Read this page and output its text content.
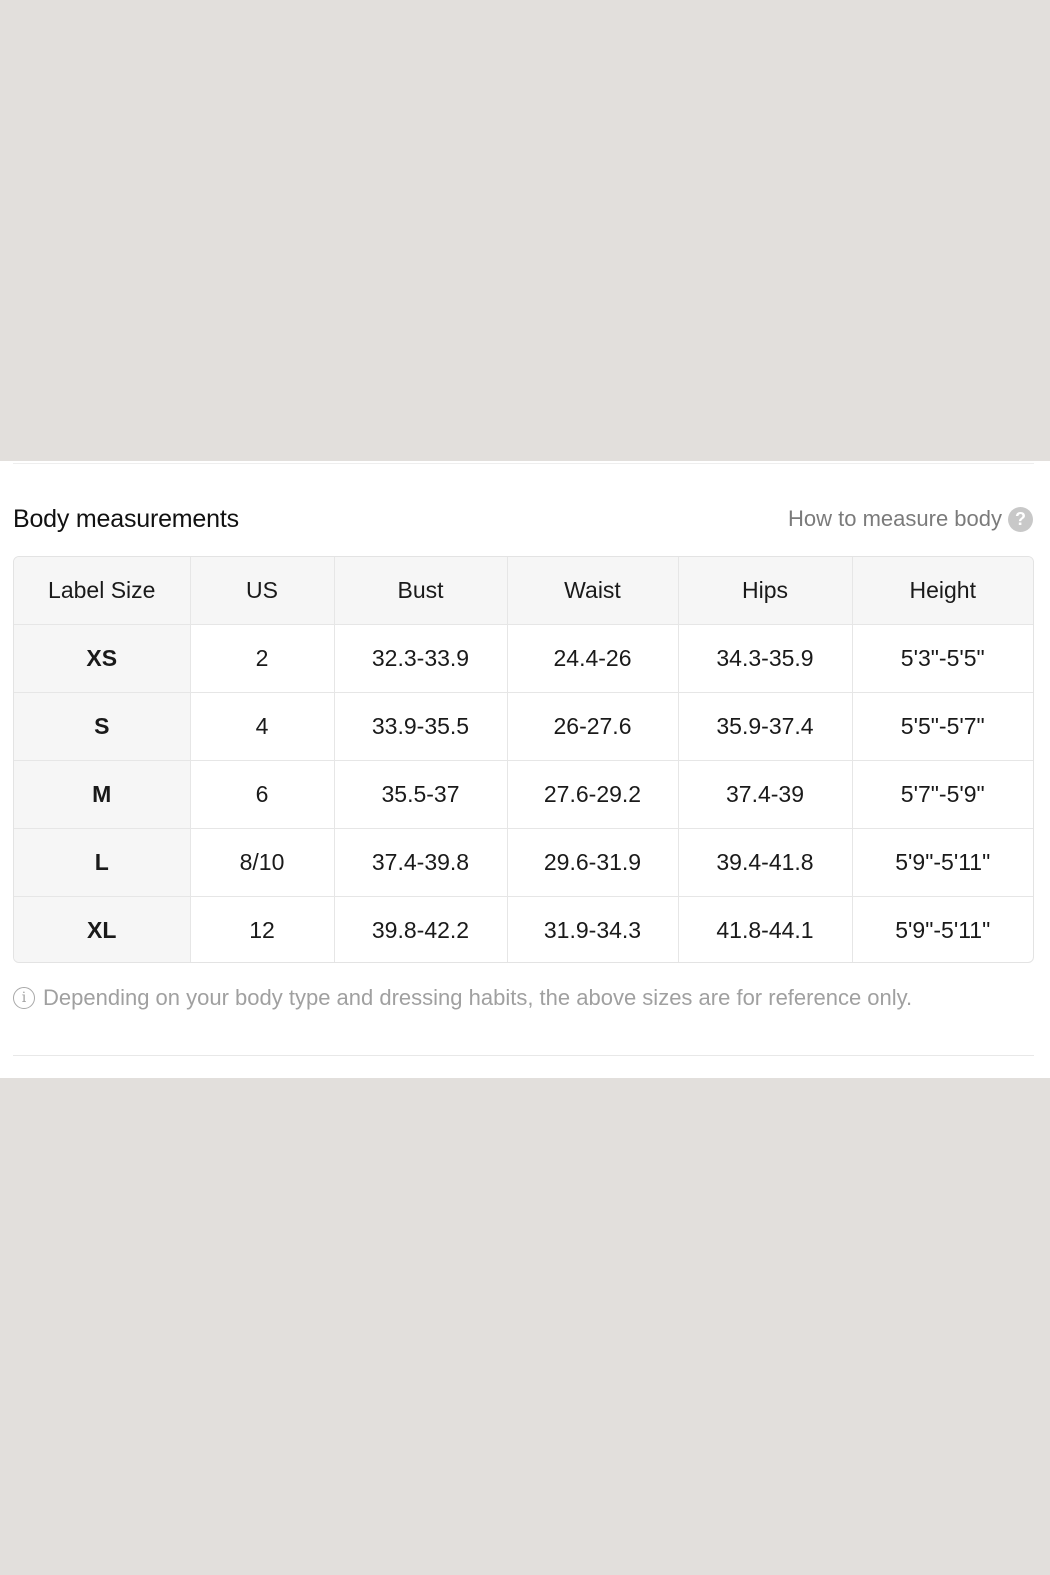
Body measurements	How to measure body ?
Label Size	US	Bust	Waist	Hips	Height
XS	2	32.3-33.9	24.4-26	34.3-35.9	5'3"-5'5"
S	4	33.9-35.5	26-27.6	35.9-37.4	5'5"-5'7"
M	6	35.5-37	27.6-29.2	37.4-39	5'7"-5'9"
L	8/10	37.4-39.8	29.6-31.9	39.4-41.8	5'9"-5'11"
XL	12	39.8-42.2	31.9-34.3	41.8-44.1	5'9"-5'11"
i Depending on your body type and dressing habits, the above sizes are for reference only.
